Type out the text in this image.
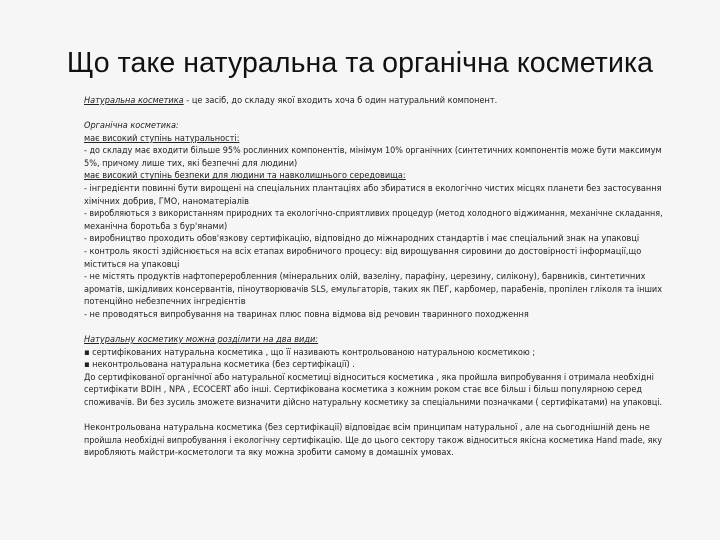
Що таке натуральна та органічна косметика
Натуральна косметика - це засіб, до складу якої входить хоча б один натуральний компонент.
Органічна косметика:
має високий ступінь натуральності:
- до складу має входити більше 95% рослинних компонентів, мінімум 10% органічних (синтетичних компонентів може бути максимум
5%, причому лише тих, які безпечні для людини)
має високий ступінь безпеки для людини та навколишнього середовища:
- інгредієнти повинні бути вирощені на спеціальних плантаціях або збиратися в екологічно чистих місцях планети без застосування
хімічних добрив, ГМО, наноматеріалів
- виробляються з використанням природних та екологічно-сприятливих процедур (метод холодного віджимання, механічне складання,
механічна боротьба з бур'янами)
- виробництво проходить обов'язкову сертифікацію, відповідно до міжнародних стандартів і має спеціальний знак на упаковці
- контроль якості здійснюється на всіх етапах виробничого процесу: від вирощування сировини до достовірності інформації,що
міститься на упаковці
- не містять продуктів нафтопереробленния (мінеральних олій, вазеліну, парафіну, церезину, силікону), барвників, синтетичних
ароматів, шкідливих консервантів, піноутворювачів SLS, емульгаторів, таких як ПЕГ, карбомер, парабенів, пропілен гліколя та інших
потенційно небезпечних інгредієнтів
- не проводяться випробування на тваринах плюс повна відмова від речовин тваринного походження
Натуральну косметику можна розділити на два види:
▪ сертифікованих натуральна косметика , що її називають контрольованою натуральною косметикою ;
▪ неконтрольована натуральна косметика (без сертифікації) .
До сертифікованої органічної або натуральної косметиці відноситься косметика , яка пройшла випробування і отримала необхідні
сертифікати BDIH , NPA , ECOCERT або інші. Сертифікована косметика з кожним роком стає все більш і більш популярною серед
споживачів. Ви без зусиль зможете визначити дійсно натуральну косметику за спеціальними позначками ( сертифікатами) на упаковці.
Неконтрольована натуральна косметика (без сертифікації) відповідає всім принципам натуральної , але на сьогоднішній день не
пройшла необхідні випробування і екологічну сертифікацію. Ще до цього сектору також відноситься якісна косметика Hand made, яку
виробляють майстри-косметологи та яку можна зробити самому в домашніх умовах.
